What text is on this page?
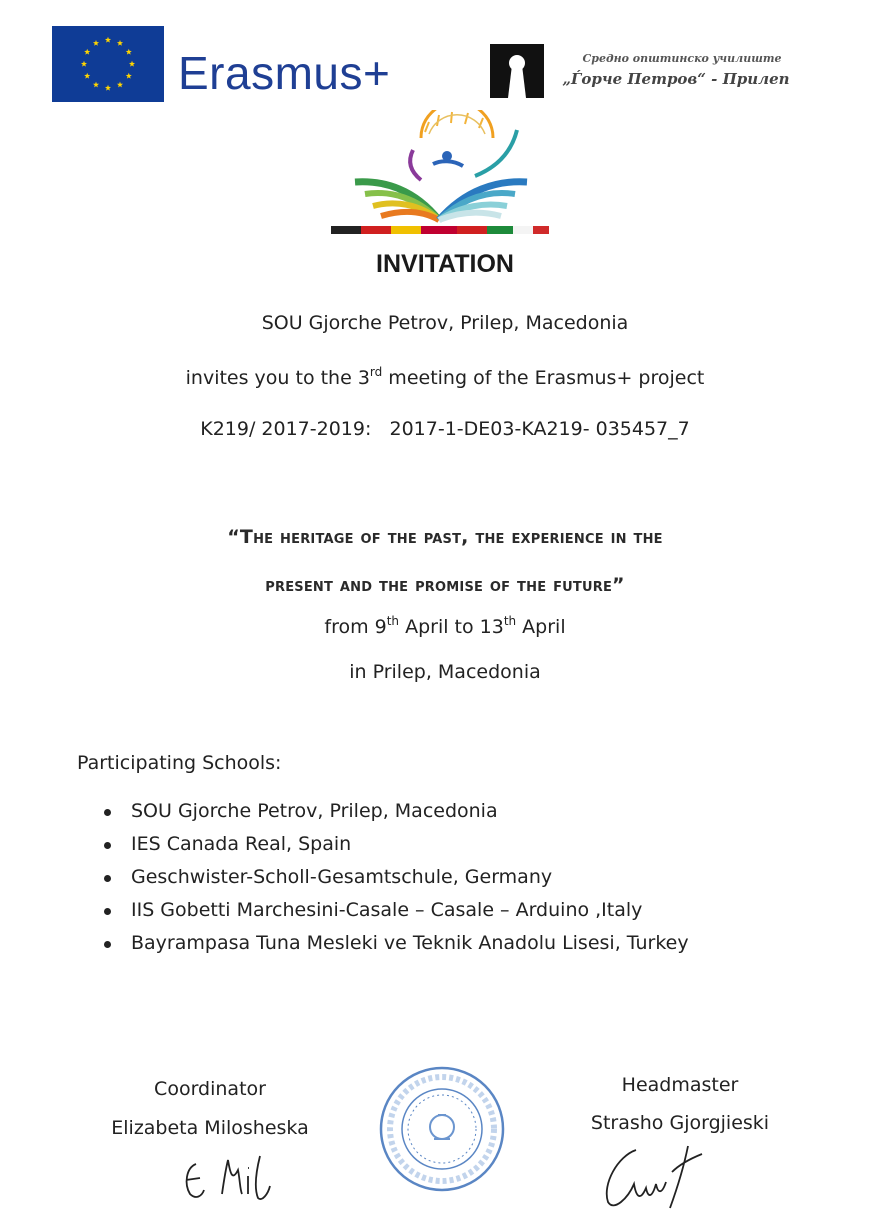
Erasmus+	Средно општинско училиште
„Ѓорче Петров“ - Прилеп
INVITATION
SOU Gjorche Petrov, Prilep, Macedonia
invites you to the 3rd meeting of the Erasmus+ project
K219/ 2017-2019:   2017-1-DE03-KA219- 035457_7
“The heritage of the past, the experience in the
present and the promise of the future”
from 9th April to 13th April
in Prilep, Macedonia
Participating Schools:
SOU Gjorche Petrov, Prilep, Macedonia
IES Canada Real, Spain
Geschwister-Scholl-Gesamtschule, Germany
IIS Gobetti Marchesini-Casale – Casale – Arduino ,Italy
Bayrampasa Tuna Mesleki ve Teknik Anadolu Lisesi, Turkey
Coordinator
Elizabeta Milosheska
Headmaster
Strasho Gjorgjieski
